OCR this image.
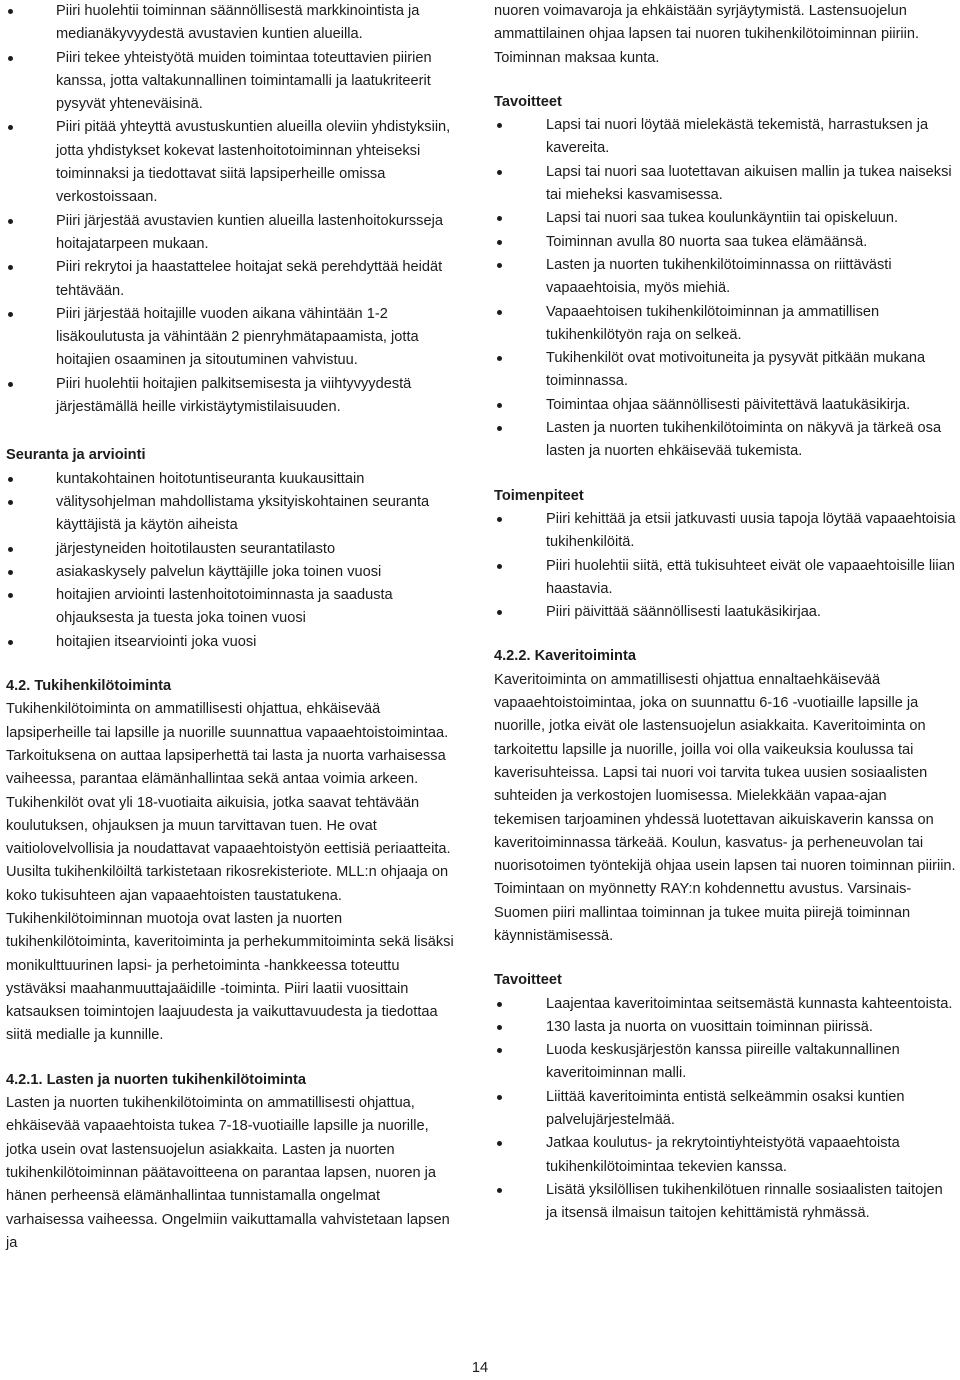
Piiri huolehtii toiminnan säännöllisestä markkinointista ja medianäkyvyydestä avustavien kuntien alueilla.
Piiri tekee yhteistyötä muiden toimintaa toteuttavien piirien kanssa, jotta valtakunnallinen toimintamalli ja laatukriteerit pysyvät yhteneväisinä.
Piiri pitää yhteyttä avustuskuntien alueilla oleviin yhdistyksiin, jotta yhdistykset kokevat lastenhoitotoiminnan yhteiseksi toiminnaksi ja tiedottavat siitä lapsiperheille omissa verkostoissaan.
Piiri järjestää avustavien kuntien alueilla lastenhoitokursseja hoitajatarpeen mukaan.
Piiri rekrytoi ja haastattelee hoitajat sekä perehdyttää heidät tehtävään.
Piiri järjestää hoitajille vuoden aikana vähintään 1-2 lisäkoulutusta ja vähintään 2 pienryhmätapaamista, jotta hoitajien osaaminen ja sitoutuminen vahvistuu.
Piiri huolehtii hoitajien palkitsemisesta ja viihtyvyydestä järjestämällä heille virkistäytymistilaisuuden.

Seuranta ja arviointi

kuntakohtainen hoitotuntiseuranta kuukausittain
välitysohjelman mahdollistama yksityiskohtainen seuranta käyttäjistä ja käytön aiheista
järjestyneiden hoitotilausten seurantatilasto
asiakaskysely palvelun käyttäjille joka toinen vuosi
hoitajien arviointi lastenhoitotoiminnasta ja saadusta ohjauksesta ja tuesta joka toinen vuosi
hoitajien itsearviointi joka vuosi

4.2. Tukihenkilötoiminta

Tukihenkilötoiminta on ammatillisesti ohjattua, ehkäisevää lapsiperheille tai lapsille ja nuorille suunnattua vapaaehtoistoimintaa. Tarkoituksena on auttaa lapsiperhettä tai lasta ja nuorta varhaisessa vaiheessa, parantaa elämänhallintaa sekä antaa voimia arkeen. Tukihenkilöt ovat yli 18-vuotiaita aikuisia, jotka saavat tehtävään koulutuksen, ohjauksen ja muun tarvittavan tuen. He ovat vaitiolovelvollisia ja noudattavat vapaaehtoistyön eettisiä periaatteita. Uusilta tukihenkilöiltä tarkistetaan rikosrekisteriote. MLL:n ohjaaja on koko tukisuhteen ajan vapaaehtoisten taustatukena. Tukihenkilötoiminnan muotoja ovat lasten ja nuorten tukihenkilötoiminta, kaveritoiminta ja perhekummitoiminta sekä lisäksi monikulttuurinen lapsi- ja perhetoiminta -hankkeessa toteuttu ystäväksi maahanmuuttajaäidille -toiminta. Piiri laatii vuosittain katsauksen toimintojen laajuudesta ja vaikuttavuudesta ja tiedottaa siitä medialle ja kunnille.

4.2.1. Lasten ja nuorten tukihenkilötoiminta

Lasten ja nuorten tukihenkilötoiminta on ammatillisesti ohjattua, ehkäisevää vapaaehtoista tukea 7-18-vuotiaille lapsille ja nuorille, jotka usein ovat lastensuojelun asiakkaita. Lasten ja nuorten tukihenkilötoiminnan päätavoitteena on parantaa lapsen, nuoren ja hänen perheensä elämänhallintaa tunnistamalla ongelmat varhaisessa vaiheessa. Ongelmiin vaikuttamalla vahvistetaan lapsen ja

nuoren voimavaroja ja ehkäistään syrjäytymistä. Lastensuojelun ammattilainen ohjaa lapsen tai nuoren tukihenkilötoiminnan piiriin. Toiminnan maksaa kunta.

Tavoitteet

Lapsi tai nuori löytää mielekästä tekemistä, harrastuksen ja kavereita.
Lapsi tai nuori saa luotettavan aikuisen mallin ja tukea naiseksi tai mieheksi kasvamisessa.
Lapsi tai nuori saa tukea koulunkäyntiin tai opiskeluun.
Toiminnan avulla 80 nuorta saa tukea elämäänsä.
Lasten ja nuorten tukihenkilötoiminnassa on riittävästi vapaaehtoisia, myös miehiä.
Vapaaehtoisen tukihenkilötoiminnan ja ammatillisen tukihenkilötyön raja on selkeä.
Tukihenkilöt ovat motivoituneita ja pysyvät pitkään mukana toiminnassa.
Toimintaa ohjaa säännöllisesti päivitettävä laatukäsikirja.
Lasten ja nuorten tukihenkilötoiminta on näkyvä ja tärkeä osa lasten ja nuorten ehkäisevää tukemista.

Toimenpiteet

Piiri kehittää ja etsii jatkuvasti uusia tapoja löytää vapaaehtoisia tukihenkilöitä.
Piiri huolehtii siitä, että tukisuhteet eivät ole vapaaehtoisille liian haastavia.
Piiri päivittää säännöllisesti laatukäsikirjaa.

4.2.2. Kaveritoiminta

Kaveritoiminta on ammatillisesti ohjattua ennaltaehkäisevää vapaaehtoistoimintaa, joka on suunnattu 6-16 -vuotiaille lapsille ja nuorille, jotka eivät ole lastensuojelun asiakkaita. Kaveritoiminta on tarkoitettu lapsille ja nuorille, joilla voi olla vaikeuksia koulussa tai kaverisuhteissa. Lapsi tai nuori voi tarvita tukea uusien sosiaalisten suhteiden ja verkostojen luomisessa. Mielekkään vapaa-ajan tekemisen tarjoaminen yhdessä luotettavan aikuiskaverin kanssa on kaveritoiminnassa tärkeää. Koulun, kasvatus- ja perheneuvolan tai nuorisotoimen työntekijä ohjaa usein lapsen tai nuoren toiminnan piiriin. Toimintaan on myönnetty RAY:n kohdennettu avustus. Varsinais-Suomen piiri mallintaa toiminnan ja tukee muita piirejä toiminnan käynnistämisessä.

Tavoitteet

Laajentaa kaveritoimintaa seitsemästä kunnasta kahteentoista.
130 lasta ja nuorta on vuosittain toiminnan piirissä.
Luoda keskusjärjestön kanssa piireille valtakunnallinen kaveritoiminnan malli.
Liittää kaveritoiminta entistä selkeämmin osaksi kuntien palvelujärjestelmää.
Jatkaa koulutus- ja rekrytointiyhteistyötä vapaaehtoista tukihenkilötoimintaa tekevien kanssa.
Lisätä yksilöllisen tukihenkilötuen rinnalle sosiaalisten taitojen ja itsensä ilmaisun taitojen kehittämistä ryhmässä.
14
